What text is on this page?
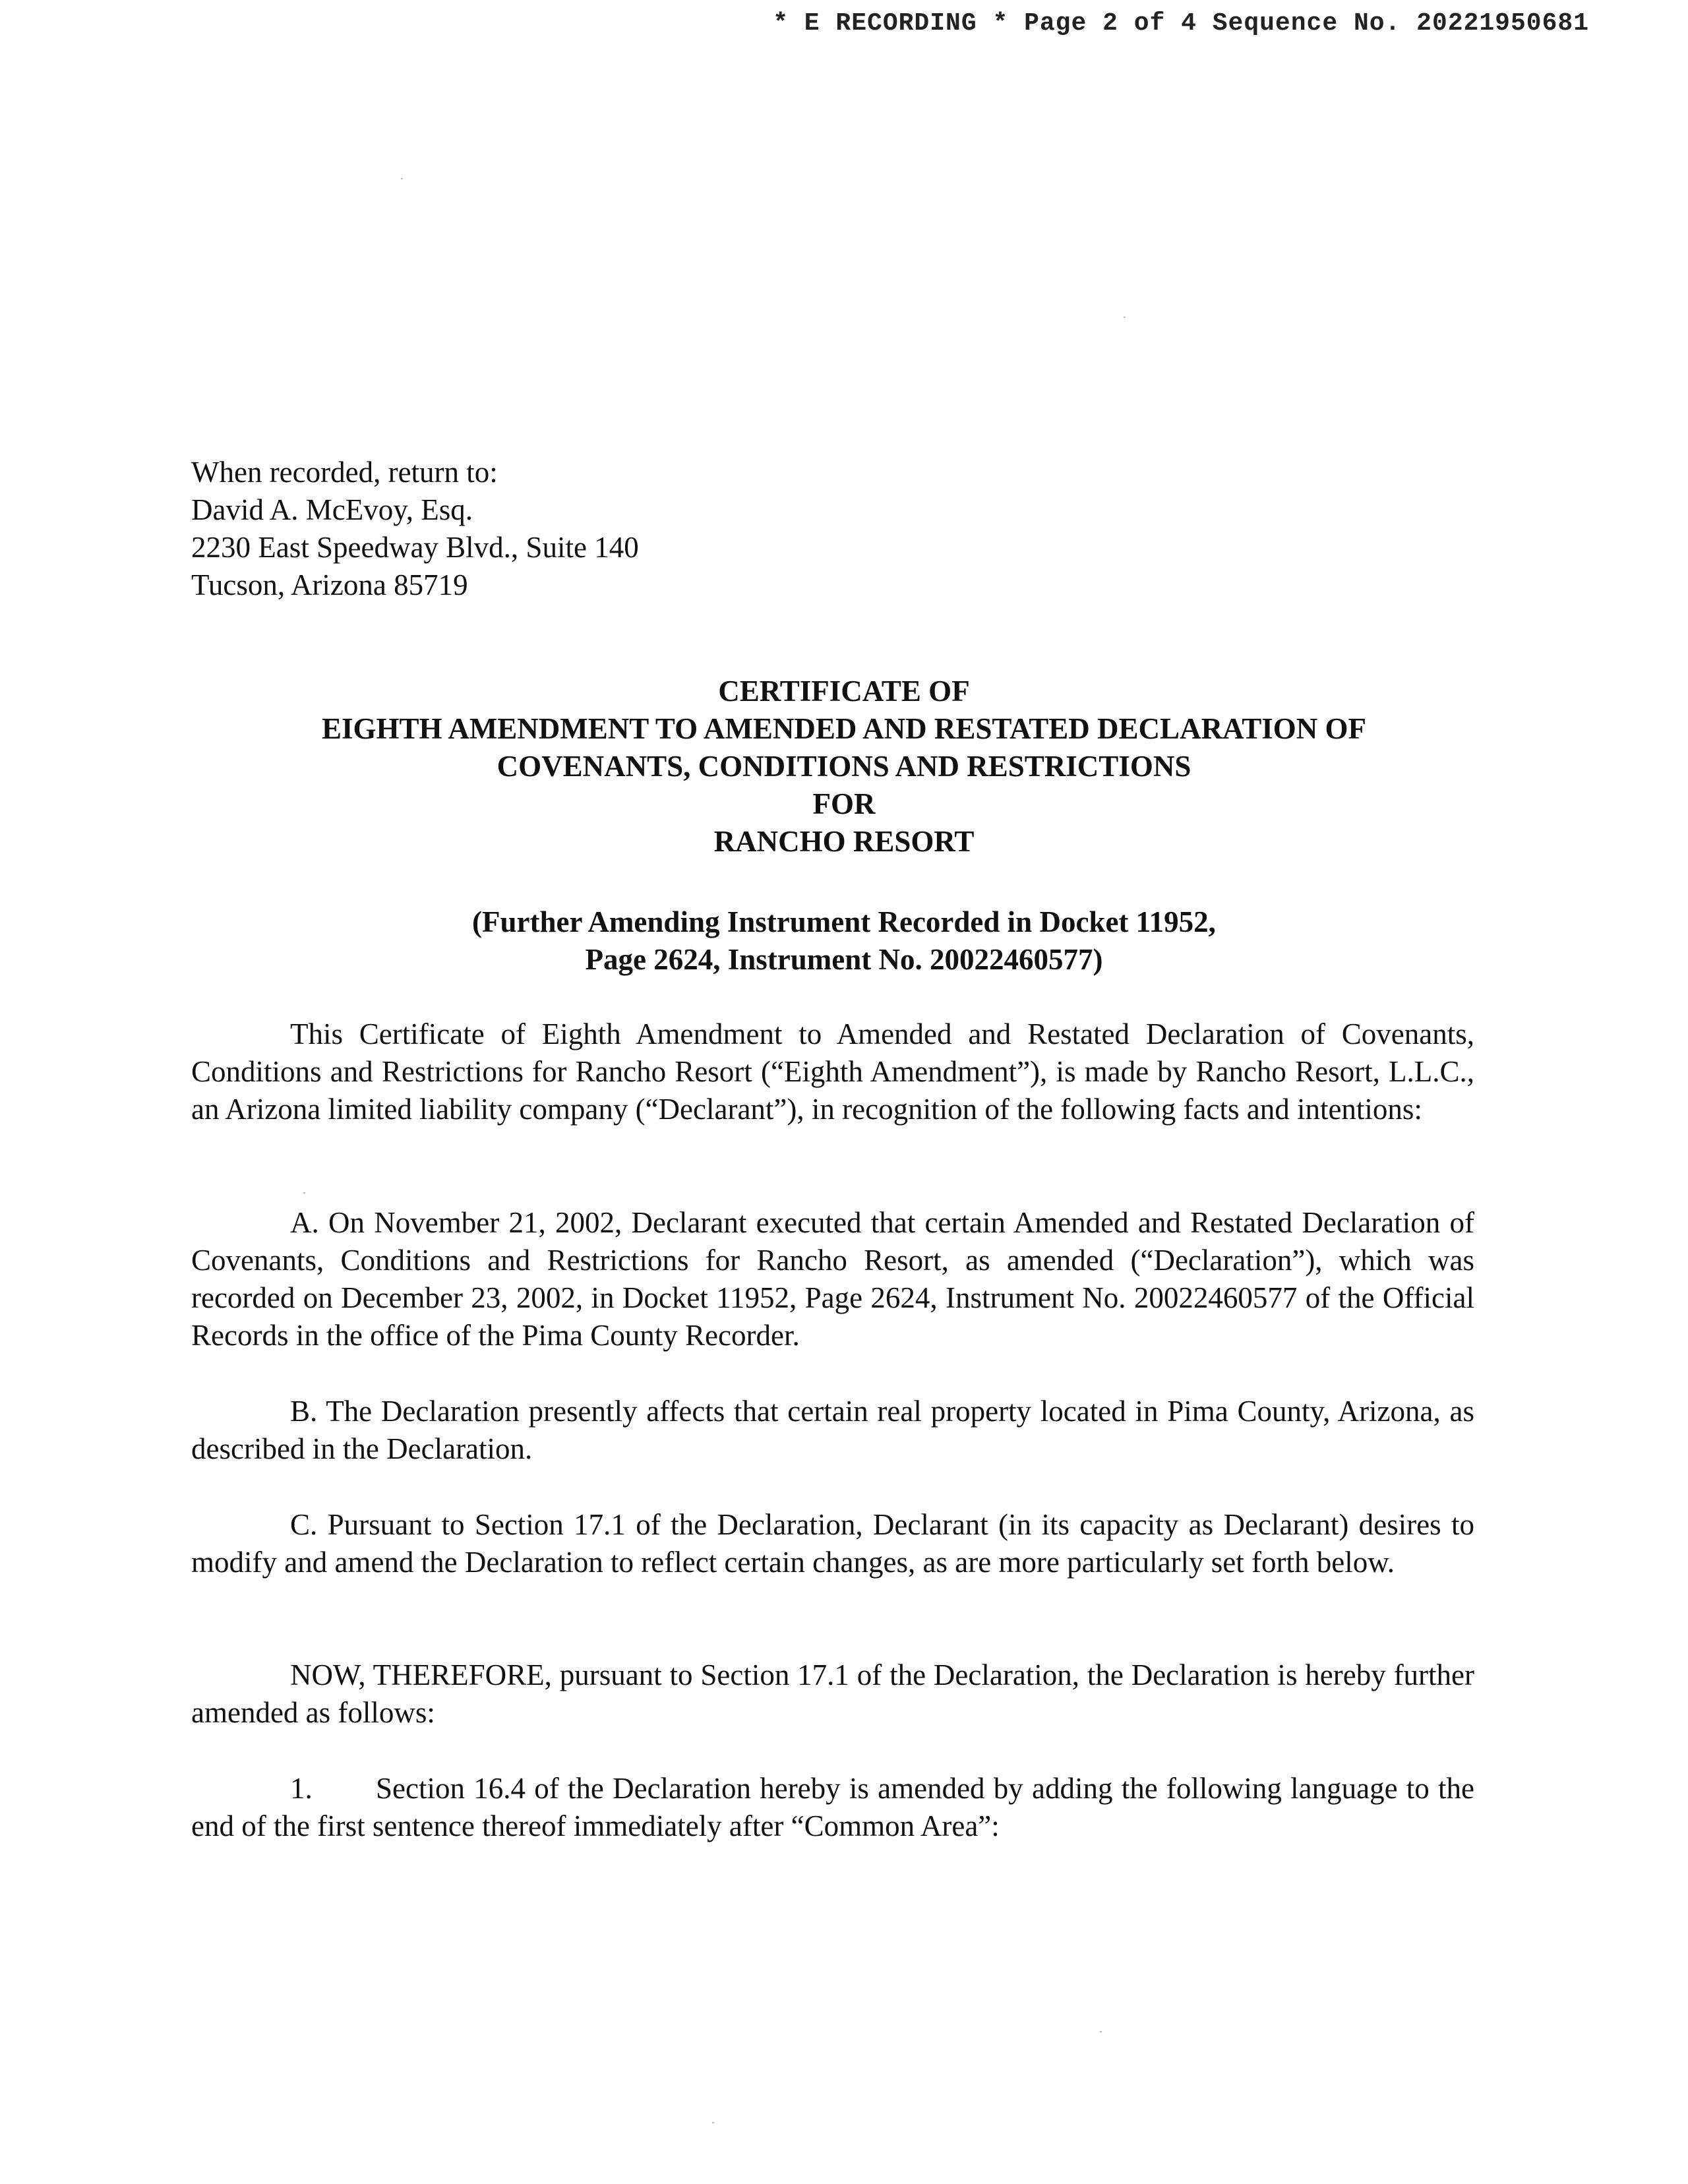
* E RECORDING * Page 2 of 4 Sequence No. 20221950681
When recorded, return to:
David A. McEvoy, Esq.
2230 East Speedway Blvd., Suite 140
Tucson, Arizona 85719
CERTIFICATE OF
EIGHTH AMENDMENT TO AMENDED AND RESTATED DECLARATION OF
COVENANTS, CONDITIONS AND RESTRICTIONS
FOR
RANCHO RESORT
(Further Amending Instrument Recorded in Docket 11952,
Page 2624, Instrument No. 20022460577)
This Certificate of Eighth Amendment to Amended and Restated Declaration of Covenants, Conditions and Restrictions for Rancho Resort (“Eighth Amendment”), is made by Rancho Resort, L.L.C., an Arizona limited liability company (“Declarant”), in recognition of the following facts and intentions:
A. On November 21, 2002, Declarant executed that certain Amended and Restated Declaration of Covenants, Conditions and Restrictions for Rancho Resort, as amended (“Declaration”), which was recorded on December 23, 2002, in Docket 11952, Page 2624, Instrument No. 20022460577 of the Official Records in the office of the Pima County Recorder.
B. The Declaration presently affects that certain real property located in Pima County, Arizona, as described in the Declaration.
C. Pursuant to Section 17.1 of the Declaration, Declarant (in its capacity as Declarant) desires to modify and amend the Declaration to reflect certain changes, as are more particularly set forth below.
NOW, THEREFORE, pursuant to Section 17.1 of the Declaration, the Declaration is hereby further amended as follows:
1. Section 16.4 of the Declaration hereby is amended by adding the following language to the end of the first sentence thereof immediately after “Common Area”:
